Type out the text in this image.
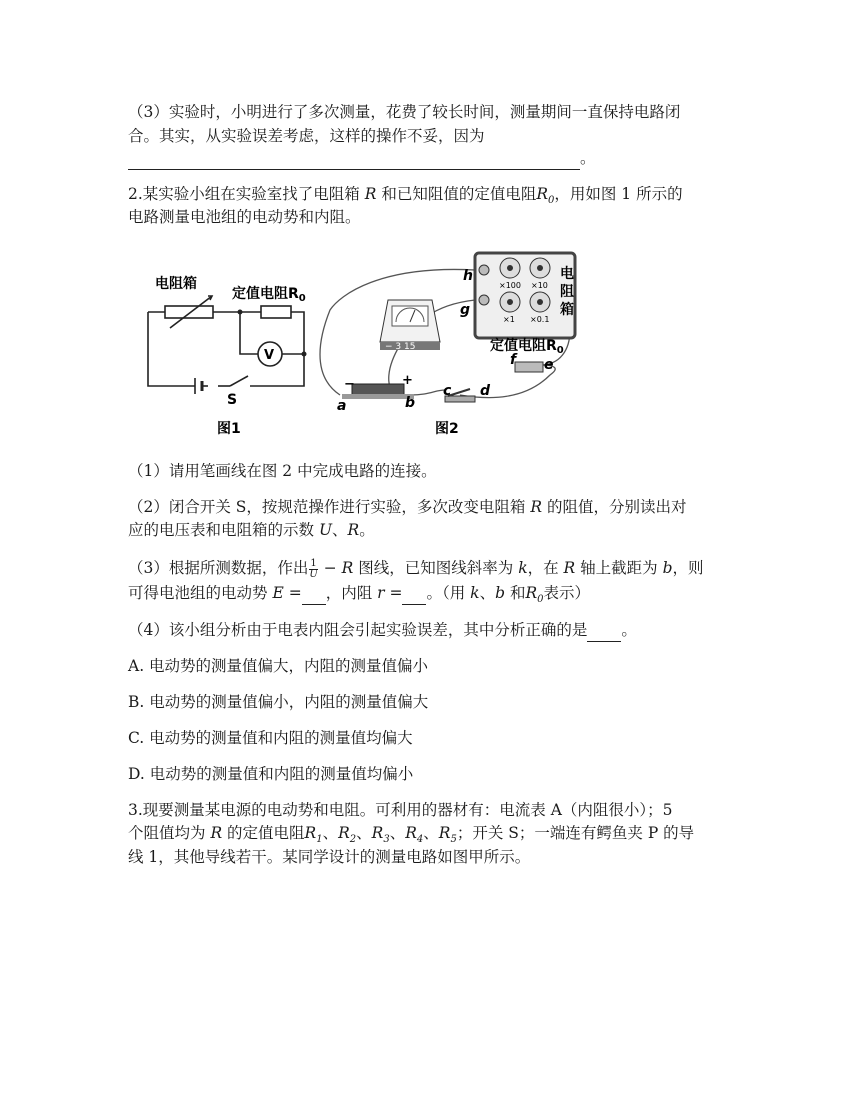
（3）实验时，小明进行了多次测量，花费了较长时间，测量期间一直保持电路闭
合。其实，从实验误差考虑，这样的操作不妥，因为
。
2.某实验小组在实验室找了电阻箱 R 和已知阻值的定值电阻$R_0$，用如图 1 所示的
电路测量电池组的电动势和内阻。
电阻箱
定值电阻$R_0$
V
S
图1
×100 ×10
×1 ×0.1
电
阻
箱
h
g
− 3 15	定值电阻$R_0$
f e
−	+
a	b
c d
图2
（1）请用笔画线在图 2 中完成电路的连接。
（2）闭合开关 S，按规范操作进行实验，多次改变电阻箱 R 的阻值，分别读出对
应的电压表和电阻箱的示数 U、R。
（3）根据所测数据，作出 $\frac{1}{U} - R$ 图线，已知图线斜率为 k，在 R 轴上截距为 b，则
可得电池组的电动势 E = ，内阻 r = 。（用 k、b 和$R_0$表示）
（4）该小组分析由于电表内阻会引起实验误差，其中分析正确的是 。
A. 电动势的测量值偏大，内阻的测量值偏小
B. 电动势的测量值偏小，内阻的测量值偏大
C. 电动势的测量值和内阻的测量值均偏大
D. 电动势的测量值和内阻的测量值均偏小
3.现要测量某电源的电动势和电阻。可利用的器材有：电流表 A（内阻很小）；5
个阻值均为 R 的定值电阻$R_1$、$R_2$、$R_3$、$R_4$、$R_5$；开关 S；一端连有鳄鱼夹 P 的导
线 1，其他导线若干。某同学设计的测量电路如图甲所示。
